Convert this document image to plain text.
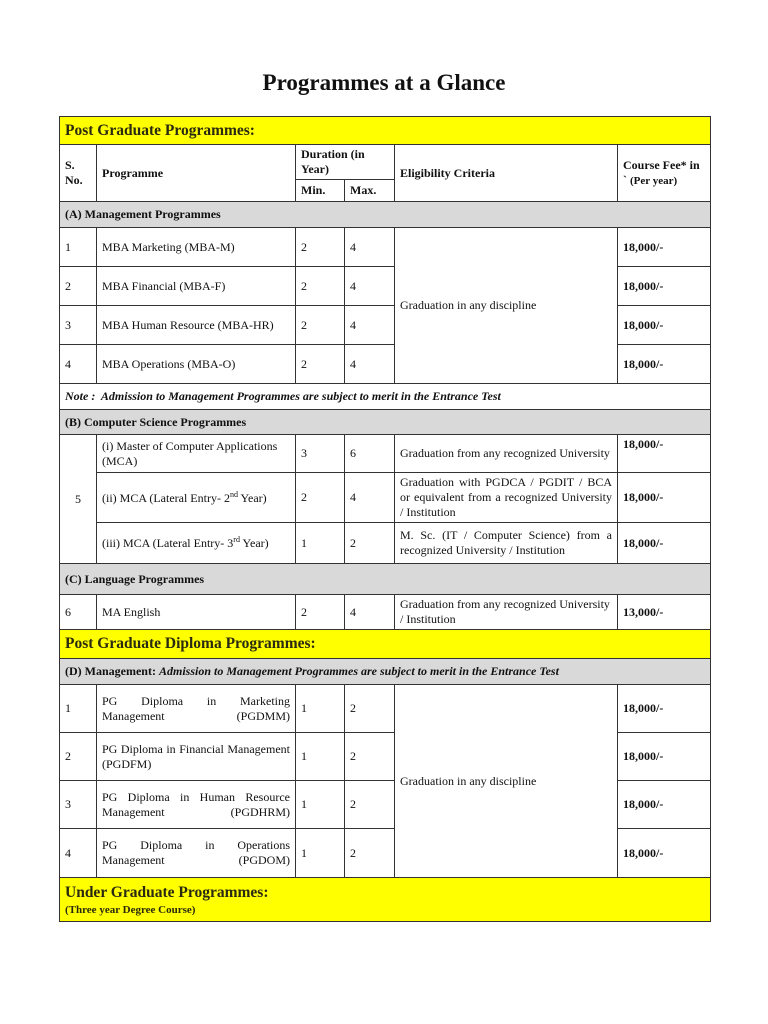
Programmes at a Glance
Post Graduate Programmes:					
S. No.	Programme	Duration (in Year)		Eligibility Criteria	Course Fee* in ` (Per year)
		Min.	Max.		
(A) Management Programmes					
1	MBA Marketing (MBA-M)	2	4	Graduation in any discipline	18,000/-
2	MBA Financial (MBA-F)	2	4		18,000/-
3	MBA Human Resource (MBA-HR)	2	4		18,000/-
4	MBA Operations (MBA-O)	2	4		18,000/-
Note : Admission to Management Programmes are subject to merit in the Entrance Test					
(B) Computer Science Programmes					
5	(i) Master of Computer Applications (MCA)	3	6	Graduation from any recognized University	18,000/-
	(ii) MCA (Lateral Entry- 2nd Year)	2	4	Graduation with PGDCA / PGDIT / BCA or equivalent from a recognized University / Institution	18,000/-
	(iii) MCA (Lateral Entry- 3rd Year)	1	2	M. Sc. (IT / Computer Science) from a recognized University / Institution	18,000/-
(C) Language Programmes					
6	MA English	2	4	Graduation from any recognized University / Institution	13,000/-
Post Graduate Diploma Programmes:					
(D) Management: Admission to Management Programmes are subject to merit in the Entrance Test					
1	PG Diploma in Marketing Management (PGDMM)	1	2	Graduation in any discipline	18,000/-
2	PG Diploma in Financial Management (PGDFM)	1	2		18,000/-
3	PG Diploma in Human Resource Management (PGDHRM)	1	2		18,000/-
4	PG Diploma in Operations Management (PGDOM)	1	2		18,000/-
Under Graduate Programmes:
(Three year Degree Course)					
